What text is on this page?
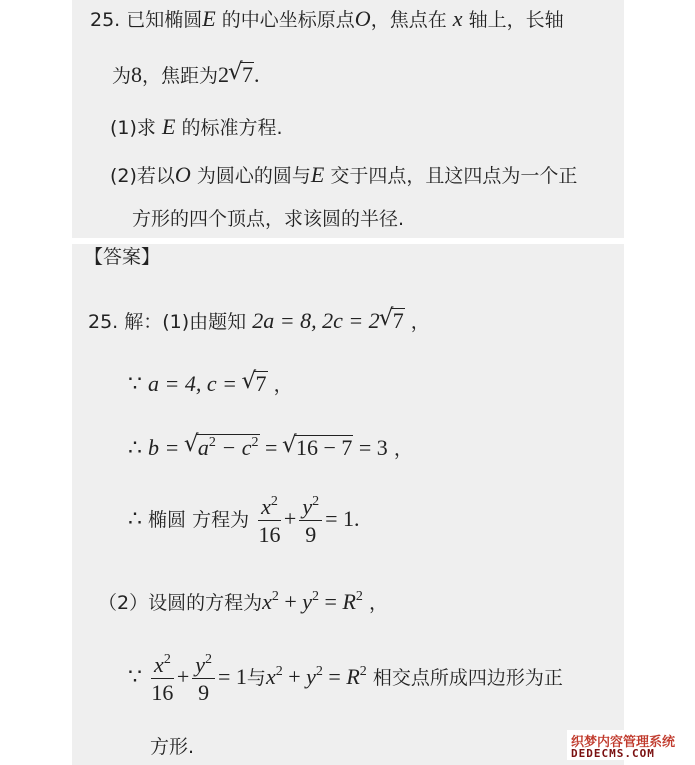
25. 已知椭圆E 的中心坐标原点O，焦点在 x 轴上，长轴
为8，焦距为2 √ 7.
(1)求 E 的标准方程.
(2)若以O 为圆心的圆与E 交于四点，且这四点为一个正
方形的四个顶点，求该圆的半径.
【答案】
25. 解：(1)由题知 2a = 8, 2c = 2 √ 7 ，
∵ a = 4, c = √ 7 ，
∴ b = √ $a^2 - c^2$ = √ 16 − 7 = 3 ，
∴ 椭圆 方程为 $\frac{x^2}{16} + \frac{y^2}{9} = 1$.
（2）设圆的方程为$x^2 + y^2 = R^2$ ，
∵ $\frac{x^2}{16} + \frac{y^2}{9} = 1$与$x^2 + y^2 = R^2$ 相交点所成四边形为正
方形.	织梦内容管理系统
DEDECMS.COM
